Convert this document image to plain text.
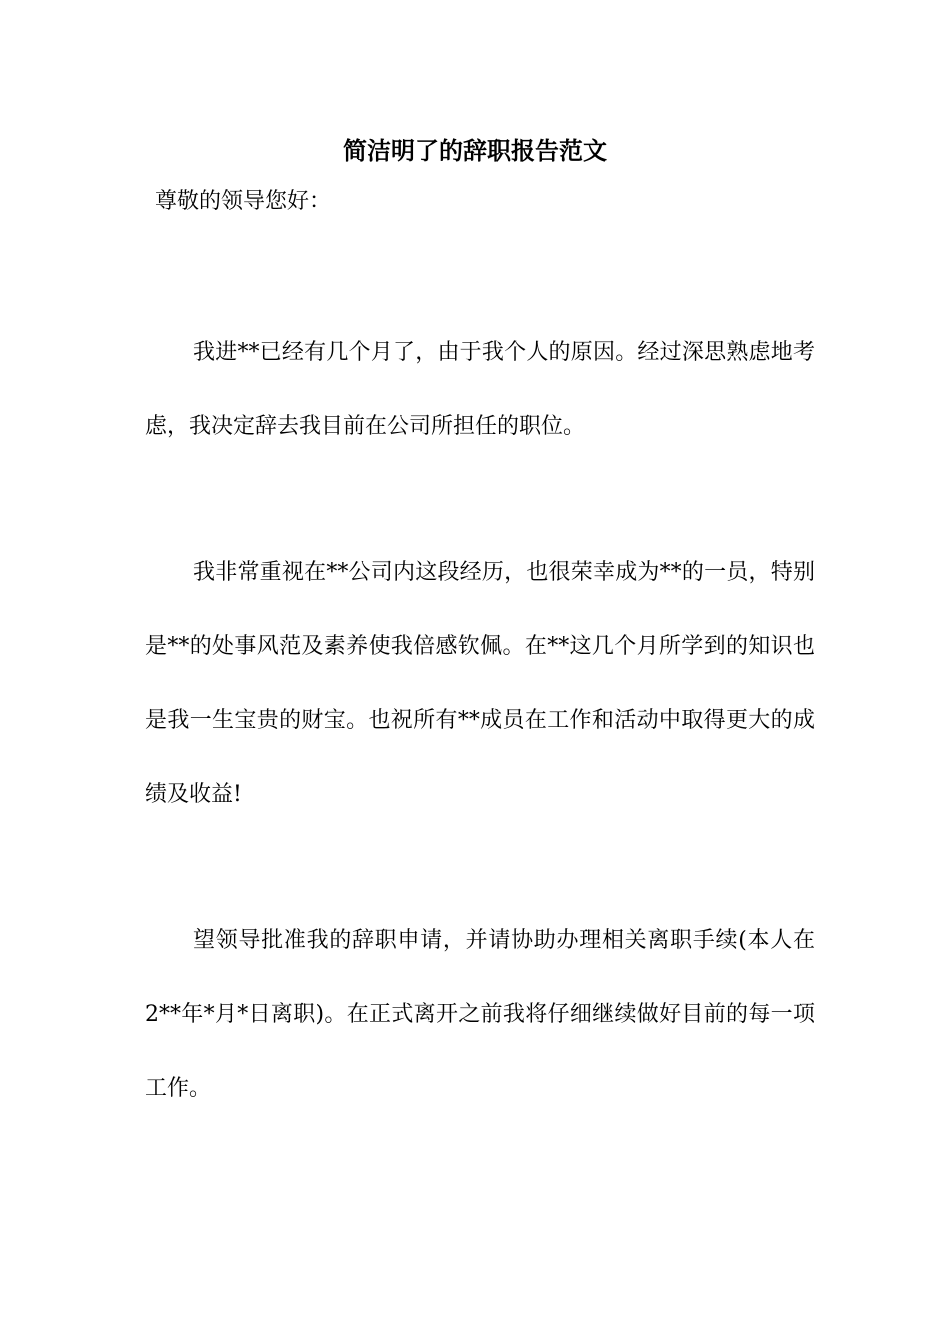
简洁明了的辞职报告范文

尊敬的领导您好：

我进**已经有几个月了，由于我个人的原因。经过深思熟虑地考虑，我决定辞去我目前在公司所担任的职位。

我非常重视在**公司内这段经历，也很荣幸成为**的一员，特别是**的处事风范及素养使我倍感钦佩。在**这几个月所学到的知识也是我一生宝贵的财宝。也祝所有**成员在工作和活动中取得更大的成绩及收益!

望领导批准我的辞职申请，并请协助办理相关离职手续(本人在 2**年*月*日离职)。在正式离开之前我将仔细继续做好目前的每一项工作。
